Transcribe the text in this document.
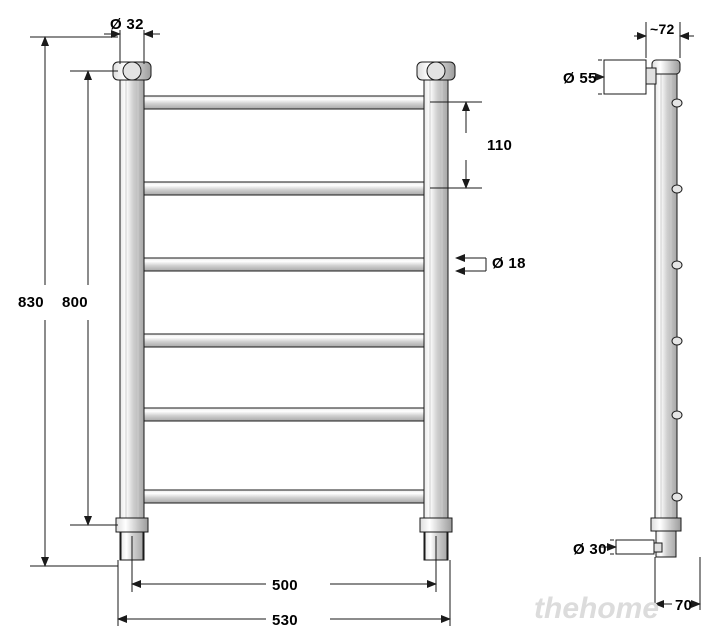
830 800
500
530
110
Ø 18
Ø 32	~72
Ø 55
Ø 30
70
thehome
